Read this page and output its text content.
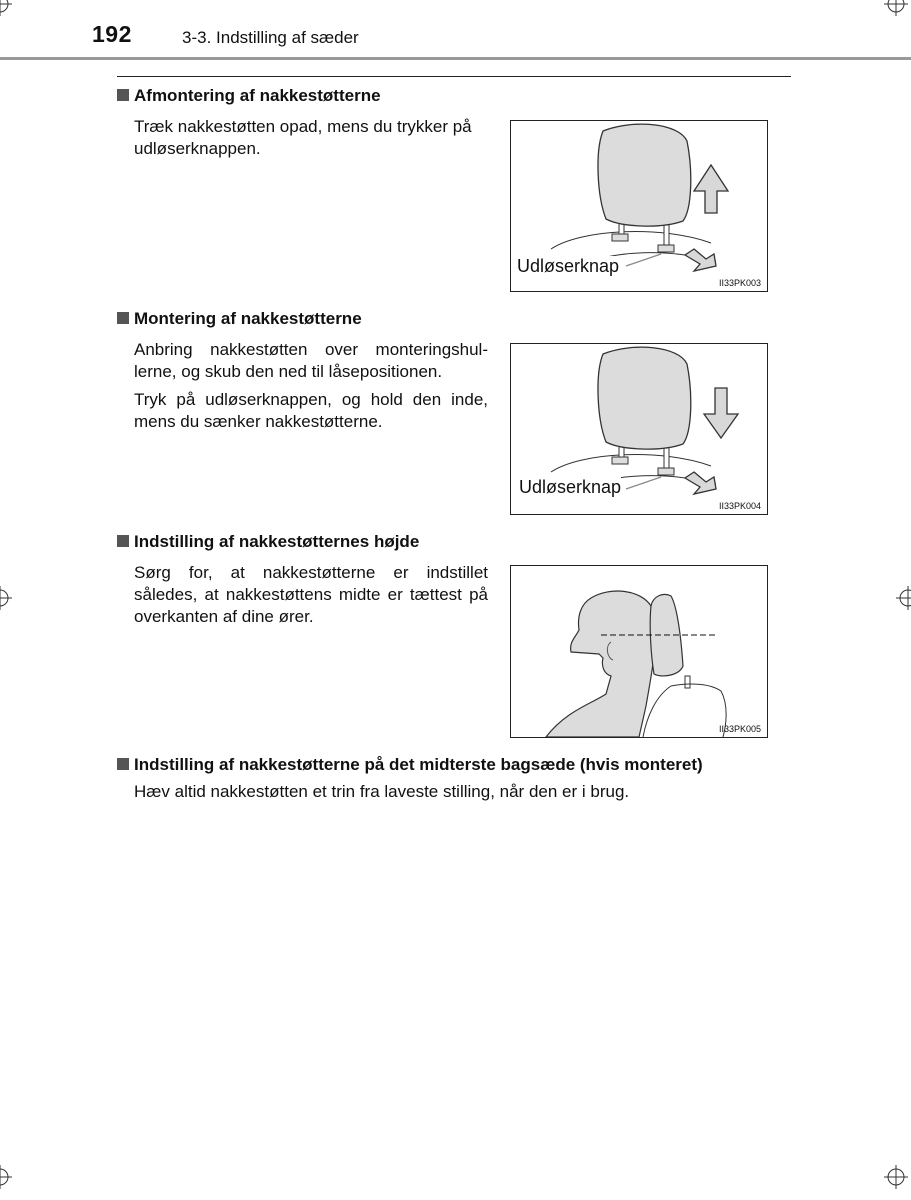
192	3-3. Indstilling af sæder
Afmontering af nakkestøtterne

Træk nakkestøtten opad, mens du trykker på udløserknappen.

Udløserknap
II33PK003
Montering af nakkestøtterne

Anbring nakkestøtten over monteringshul-lerne, og skub den ned til låsepositionen.

Tryk på udløserknappen, og hold den inde, mens du sænker nakkestøtterne.

Udløserknap
II33PK004
Indstilling af nakkestøtternes højde

Sørg for, at nakkestøtterne er indstillet således, at nakkestøttens midte er tættest på overkanten af dine ører.

II33PK005
Indstilling af nakkestøtterne på det midterste bagsæde (hvis monteret)

Hæv altid nakkestøtten et trin fra laveste stilling, når den er i brug.
